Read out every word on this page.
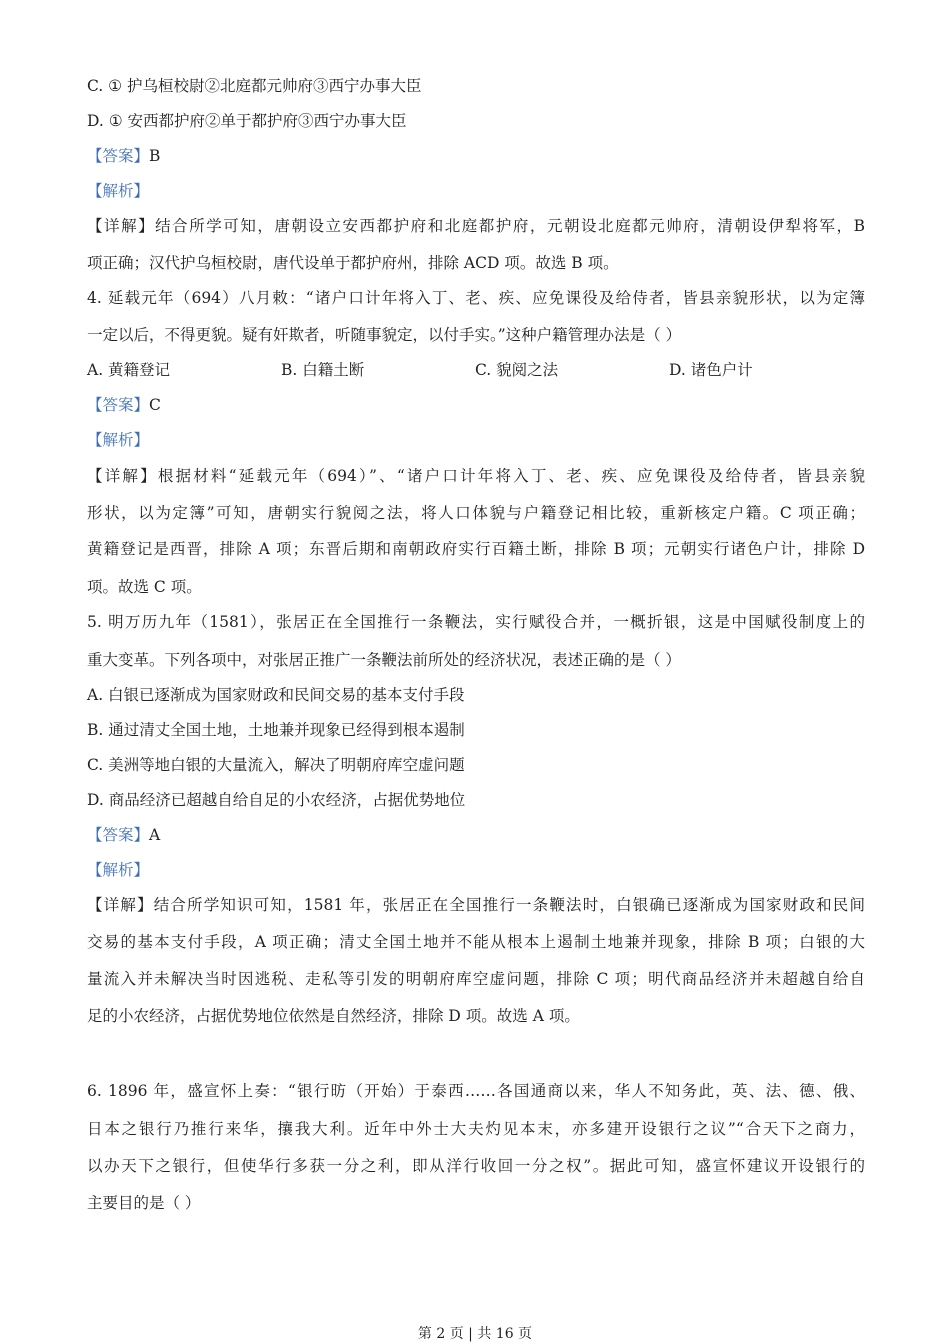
C. ① 护乌桓校尉②北庭都元帅府③西宁办事大臣
D. ① 安西都护府②单于都护府③西宁办事大臣
【答案】B
【解析】
【详解】结合所学可知，唐朝设立安西都护府和北庭都护府，元朝设北庭都元帅府，清朝设伊犁将军，B
项正确；汉代护乌桓校尉，唐代设单于都护府州，排除 ACD 项。故选 B 项。
4. 延载元年（694）八月敕：“诸户口计年将入丁、老、疾、应免课役及给侍者，皆县亲貌形状，以为定簿
一定以后，不得更貌。疑有奸欺者，听随事貌定，以付手实。”这种户籍管理办法是（ ）
A. 黄籍登记	B. 白籍土断	C. 貌阅之法	D. 诸色户计
【答案】C
【解析】
【详解】根据材料“延载元年（694）”、“诸户口计年将入丁、老、疾、应免课役及给侍者，皆县亲貌
形状，以为定簿”可知，唐朝实行貌阅之法，将人口体貌与户籍登记相比较，重新核定户籍。C 项正确；
黄籍登记是西晋，排除 A 项；东晋后期和南朝政府实行百籍土断，排除 B 项；元朝实行诸色户计，排除 D
项。故选 C 项。
5. 明万历九年（1581），张居正在全国推行一条鞭法，实行赋役合并，一概折银，这是中国赋役制度上的
重大变革。下列各项中，对张居正推广一条鞭法前所处的经济状况，表述正确的是（ ）
A. 白银已逐渐成为国家财政和民间交易的基本支付手段
B. 通过清丈全国土地，土地兼并现象已经得到根本遏制
C. 美洲等地白银的大量流入，解决了明朝府库空虚问题
D. 商品经济已超越自给自足的小农经济，占据优势地位
【答案】A
【解析】
【详解】结合所学知识可知，1581 年，张居正在全国推行一条鞭法时，白银确已逐渐成为国家财政和民间
交易的基本支付手段，A 项正确；清丈全国土地并不能从根本上遏制土地兼并现象，排除 B 项；白银的大
量流入并未解决当时因逃税、走私等引发的明朝府库空虚问题，排除 C 项；明代商品经济并未超越自给自
足的小农经济，占据优势地位依然是自然经济，排除 D 项。故选 A 项。
6. 1896 年，盛宣怀上奏：“银行昉（开始）于泰西……各国通商以来，华人不知务此，英、法、德、俄、
日本之银行乃推行来华，攘我大利。近年中外士大夫灼见本末，亦多建开设银行之议”“合天下之商力，
以办天下之银行，但使华行多获一分之利，即从洋行收回一分之权”。据此可知，盛宣怀建议开设银行的
主要目的是（ ）
第 2 页 | 共 16 页
